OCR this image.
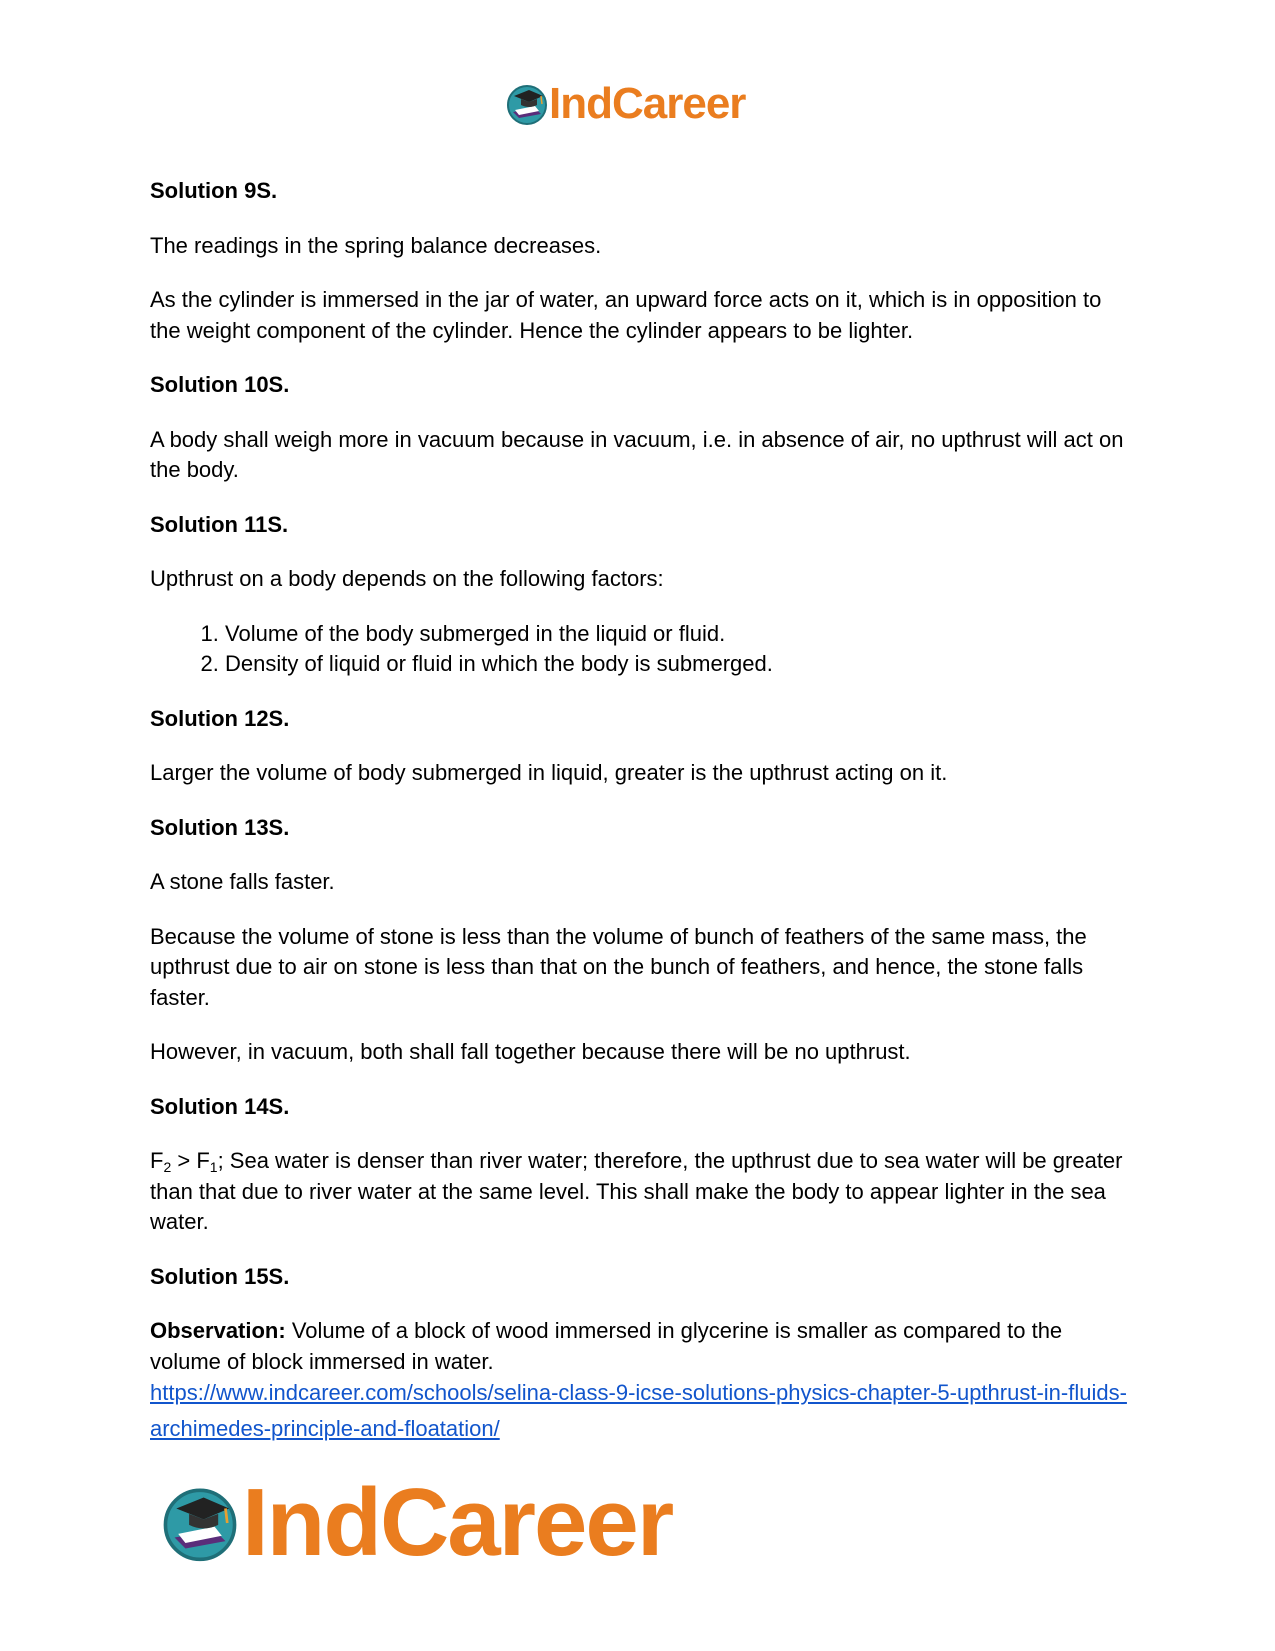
IndCareer
Solution 9S.
The readings in the spring balance decreases.
As the cylinder is immersed in the jar of water, an upward force acts on it, which is in opposition to the weight component of the cylinder. Hence the cylinder appears to be lighter.
Solution 10S.
A body shall weigh more in vacuum because in vacuum, i.e. in absence of air, no upthrust will act on the body.
Solution 11S.
Upthrust on a body depends on the following factors:
1. Volume of the body submerged in the liquid or fluid.
2. Density of liquid or fluid in which the body is submerged.
Solution 12S.
Larger the volume of body submerged in liquid, greater is the upthrust acting on it.
Solution 13S.
A stone falls faster.
Because the volume of stone is less than the volume of bunch of feathers of the same mass, the upthrust due to air on stone is less than that on the bunch of feathers, and hence, the stone falls faster.
However, in vacuum, both shall fall together because there will be no upthrust.
Solution 14S.
$F_2 > F_1$; Sea water is denser than river water; therefore, the upthrust due to sea water will be greater than that due to river water at the same level. This shall make the body to appear lighter in the sea water.
Solution 15S.
Observation: Volume of a block of wood immersed in glycerine is smaller as compared to the volume of block immersed in water.
https://www.indcareer.com/schools/selina-class-9-icse-solutions-physics-chapter-5-upthrust-in-fluids-archimedes-principle-and-floatation/
IndCareer
